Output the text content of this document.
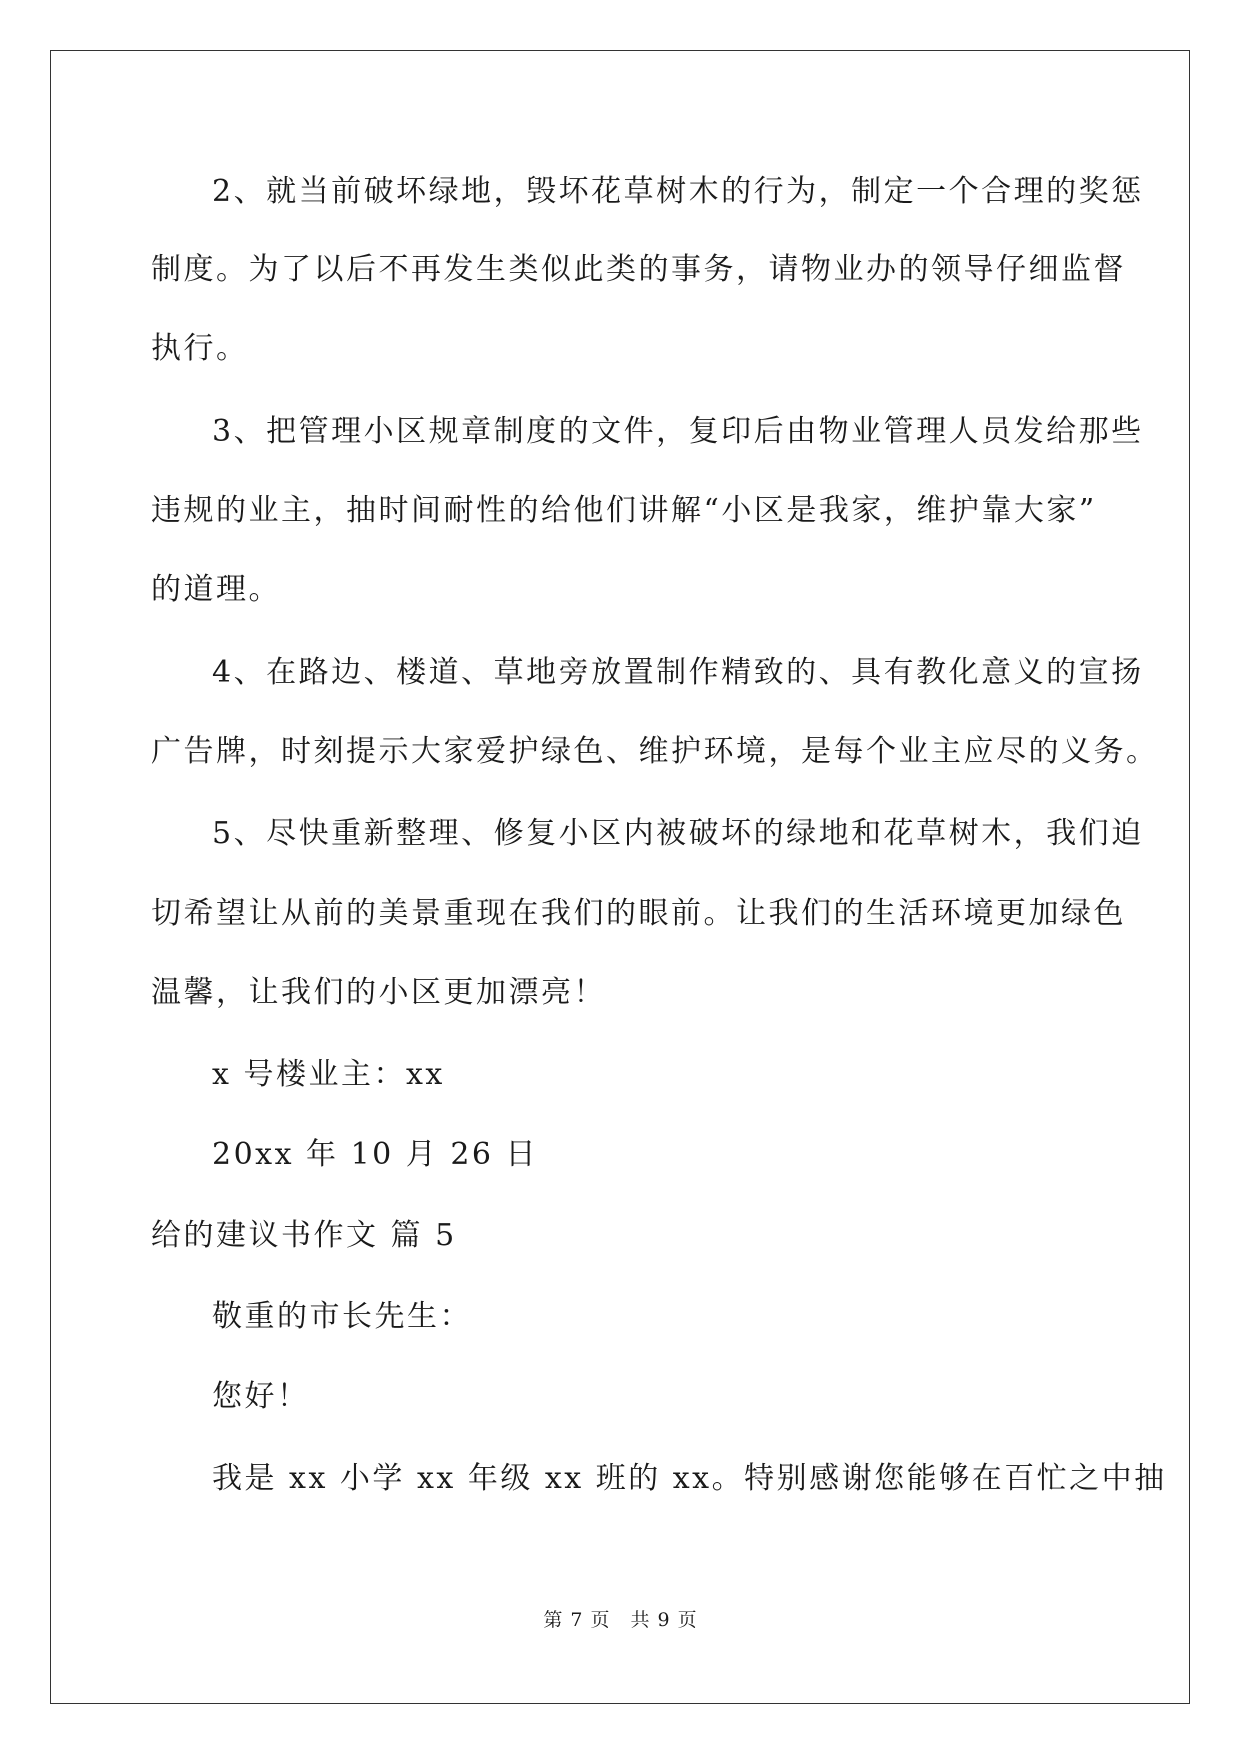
2、就当前破坏绿地，毁坏花草树木的行为，制定一个合理的奖惩
制度。为了以后不再发生类似此类的事务，请物业办的领导仔细监督
执行。
3、把管理小区规章制度的文件，复印后由物业管理人员发给那些
违规的业主，抽时间耐性的给他们讲解“小区是我家，维护靠大家”
的道理。
4、在路边、楼道、草地旁放置制作精致的、具有教化意义的宣扬
广告牌，时刻提示大家爱护绿色、维护环境，是每个业主应尽的义务。
5、尽快重新整理、修复小区内被破坏的绿地和花草树木，我们迫
切希望让从前的美景重现在我们的眼前。让我们的生活环境更加绿色
温馨，让我们的小区更加漂亮！
x 号楼业主：xx
20xx 年 10 月 26 日
给的建议书作文 篇 5
敬重的市长先生：
您好！
我是 xx 小学 xx 年级 xx 班的 xx。特别感谢您能够在百忙之中抽
第 7 页　共 9 页
